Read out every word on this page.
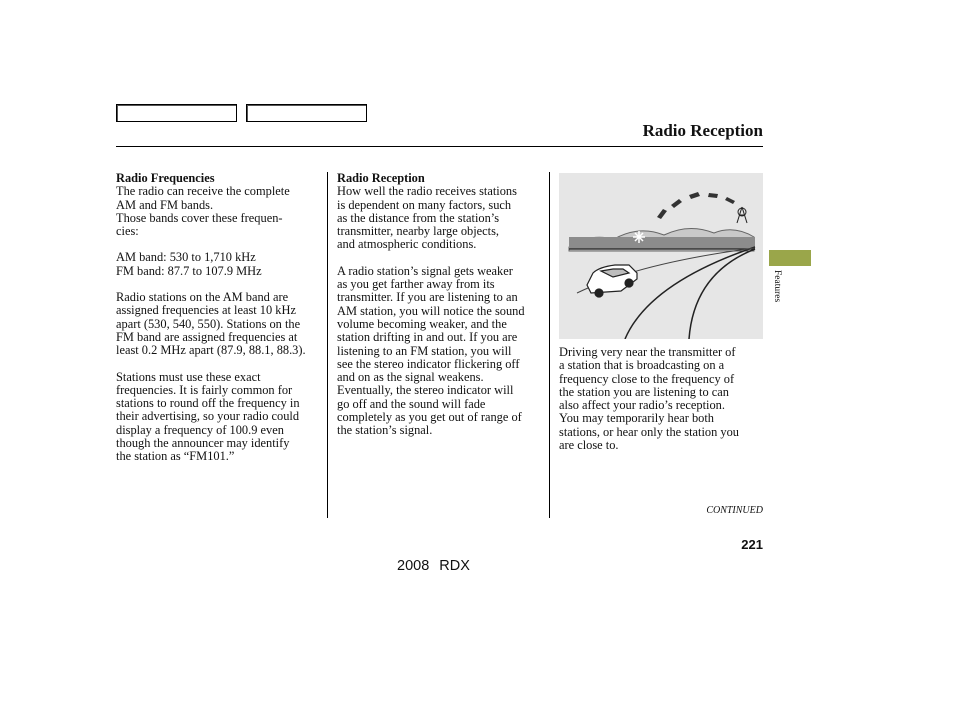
Radio Reception

Radio Frequencies

The radio can receive the complete
AM and FM bands.
Those bands cover these frequen-
cies:

AM band: 530 to 1,710 kHz
FM band: 87.7 to 107.9 MHz

Radio stations on the AM band are
assigned frequencies at least 10 kHz
apart (530, 540, 550). Stations on the
FM band are assigned frequencies at
least 0.2 MHz apart (87.9, 88.1, 88.3).

Stations must use these exact
frequencies. It is fairly common for
stations to round off the frequency in
their advertising, so your radio could
display a frequency of 100.9 even
though the announcer may identify
the station as “FM101.”

Radio Reception

How well the radio receives stations
is dependent on many factors, such
as the distance from the station’s
transmitter, nearby large objects,
and atmospheric conditions.

A radio station’s signal gets weaker
as you get farther away from its
transmitter. If you are listening to an
AM station, you will notice the sound
volume becoming weaker, and the
station drifting in and out. If you are
listening to an FM station, you will
see the stereo indicator flickering off
and on as the signal weakens.
Eventually, the stereo indicator will
go off and the sound will fade
completely as you get out of range of
the station’s signal.

Driving very near the transmitter of
a station that is broadcasting on a
frequency close to the frequency of
the station you are listening to can
also affect your radio’s reception.
You may temporarily hear both
stations, or hear only the station you
are close to.

Features
CONTINUED
221
2008 RDX
